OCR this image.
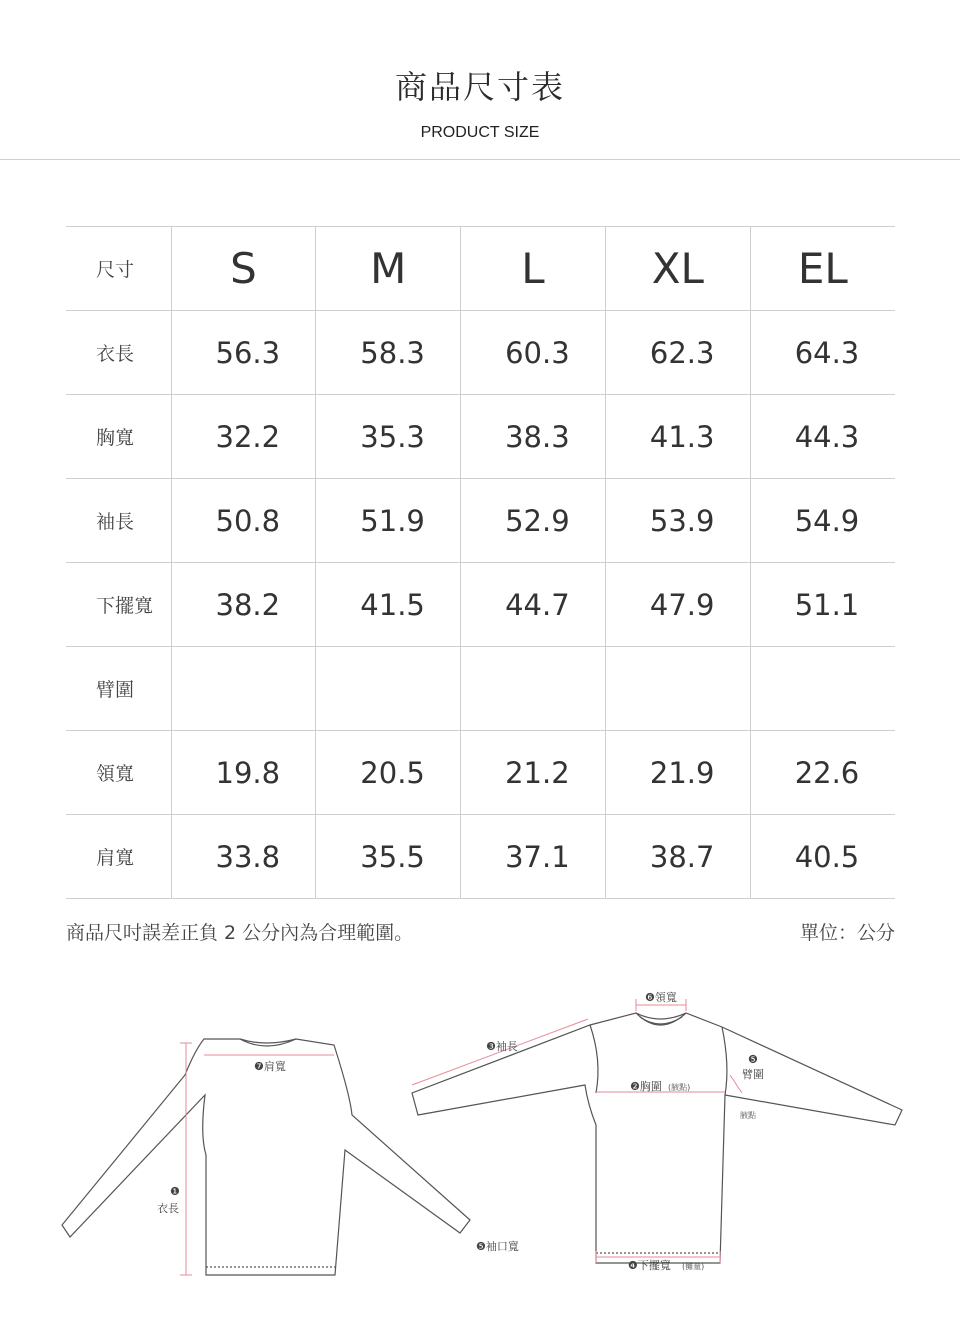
商品尺寸表
PRODUCT SIZE
尺寸	S	M	L	XL	EL
衣長	56.3	58.3	60.3	62.3	64.3
胸寬	32.2	35.3	38.3	41.3	44.3
袖長	50.8	51.9	52.9	53.9	54.9
下擺寬	38.2	41.5	44.7	47.9	51.1
臂圍					
領寬	19.8	20.5	21.2	21.9	22.6
肩寬	33.8	35.5	37.1	38.7	40.5
商品尺吋誤差正負 2 公分內為合理範圍。	單位：公分
❼肩寬
❶
衣長
❻領寬
❸袖長
❷胸圍 (腋點)
❺
臂圍
腋點
❺袖口寬
❹下擺寬 (攤量)
